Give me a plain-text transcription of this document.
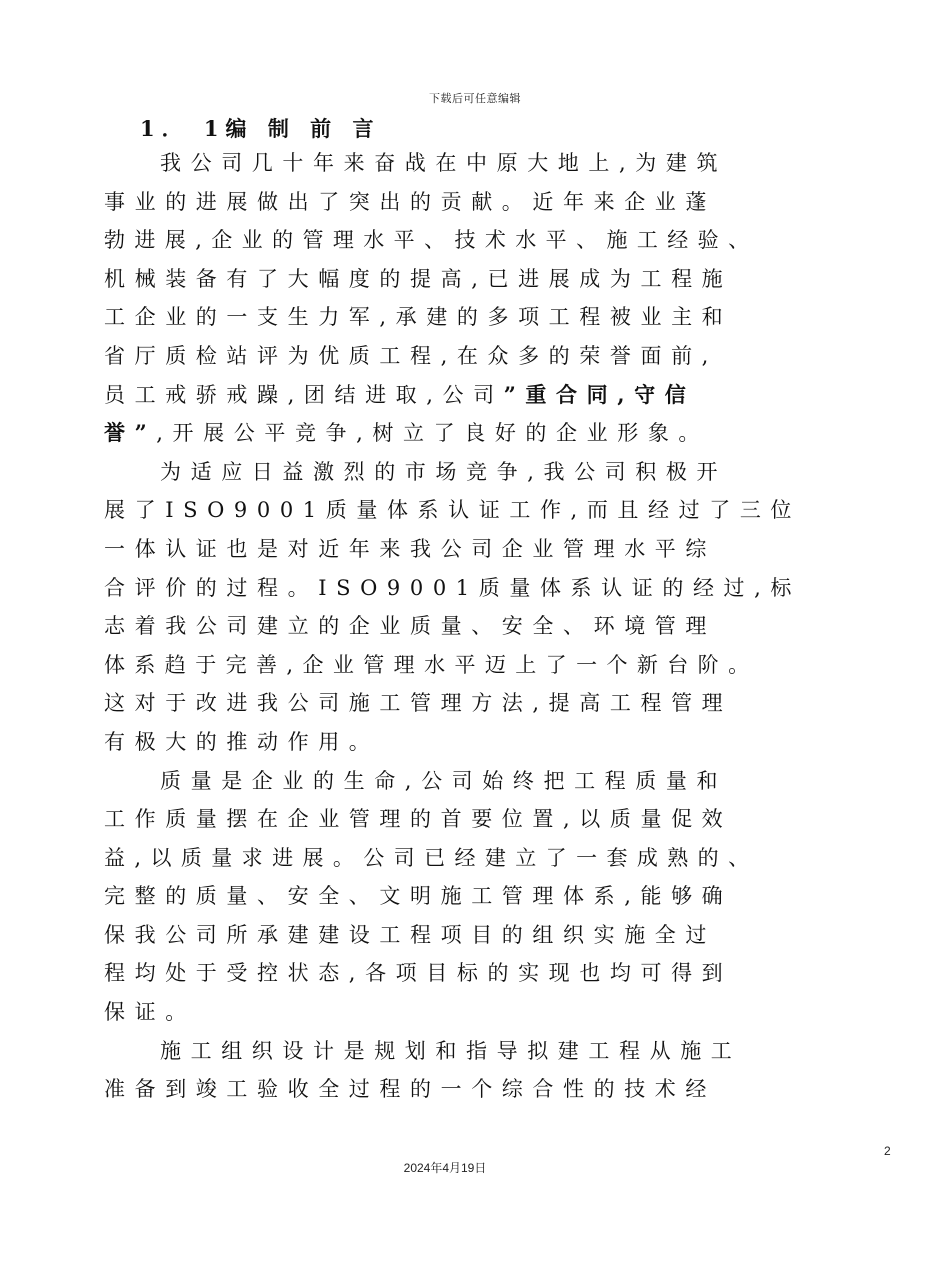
下载后可任意编辑
1． 1编 制 前 言
我公司几十年来奋战在中原大地上,为建筑
事业的进展做出了突出的贡献。近年来企业蓬
勃进展,企业的管理水平、技术水平、施工经验、
机械装备有了大幅度的提高,已进展成为工程施
工企业的一支生力军,承建的多项工程被业主和
省厅质检站评为优质工程,在众多的荣誉面前,
员工戒骄戒躁,团结进取,公司”重合同,守信
誉”,开展公平竞争,树立了良好的企业形象。
为适应日益激烈的市场竞争,我公司积极开
展了ISO9001质量体系认证工作,而且经过了三位
一体认证也是对近年来我公司企业管理水平综
合评价的过程。ISO9001质量体系认证的经过,标
志着我公司建立的企业质量、安全、环境管理
体系趋于完善,企业管理水平迈上了一个新台阶。
这对于改进我公司施工管理方法,提高工程管理
有极大的推动作用。
质量是企业的生命,公司始终把工程质量和
工作质量摆在企业管理的首要位置,以质量促效
益,以质量求进展。公司已经建立了一套成熟的、
完整的质量、安全、文明施工管理体系,能够确
保我公司所承建建设工程项目的组织实施全过
程均处于受控状态,各项目标的实现也均可得到
保证。
施工组织设计是规划和指导拟建工程从施工
准备到竣工验收全过程的一个综合性的技术经
2
2024年4月19日
